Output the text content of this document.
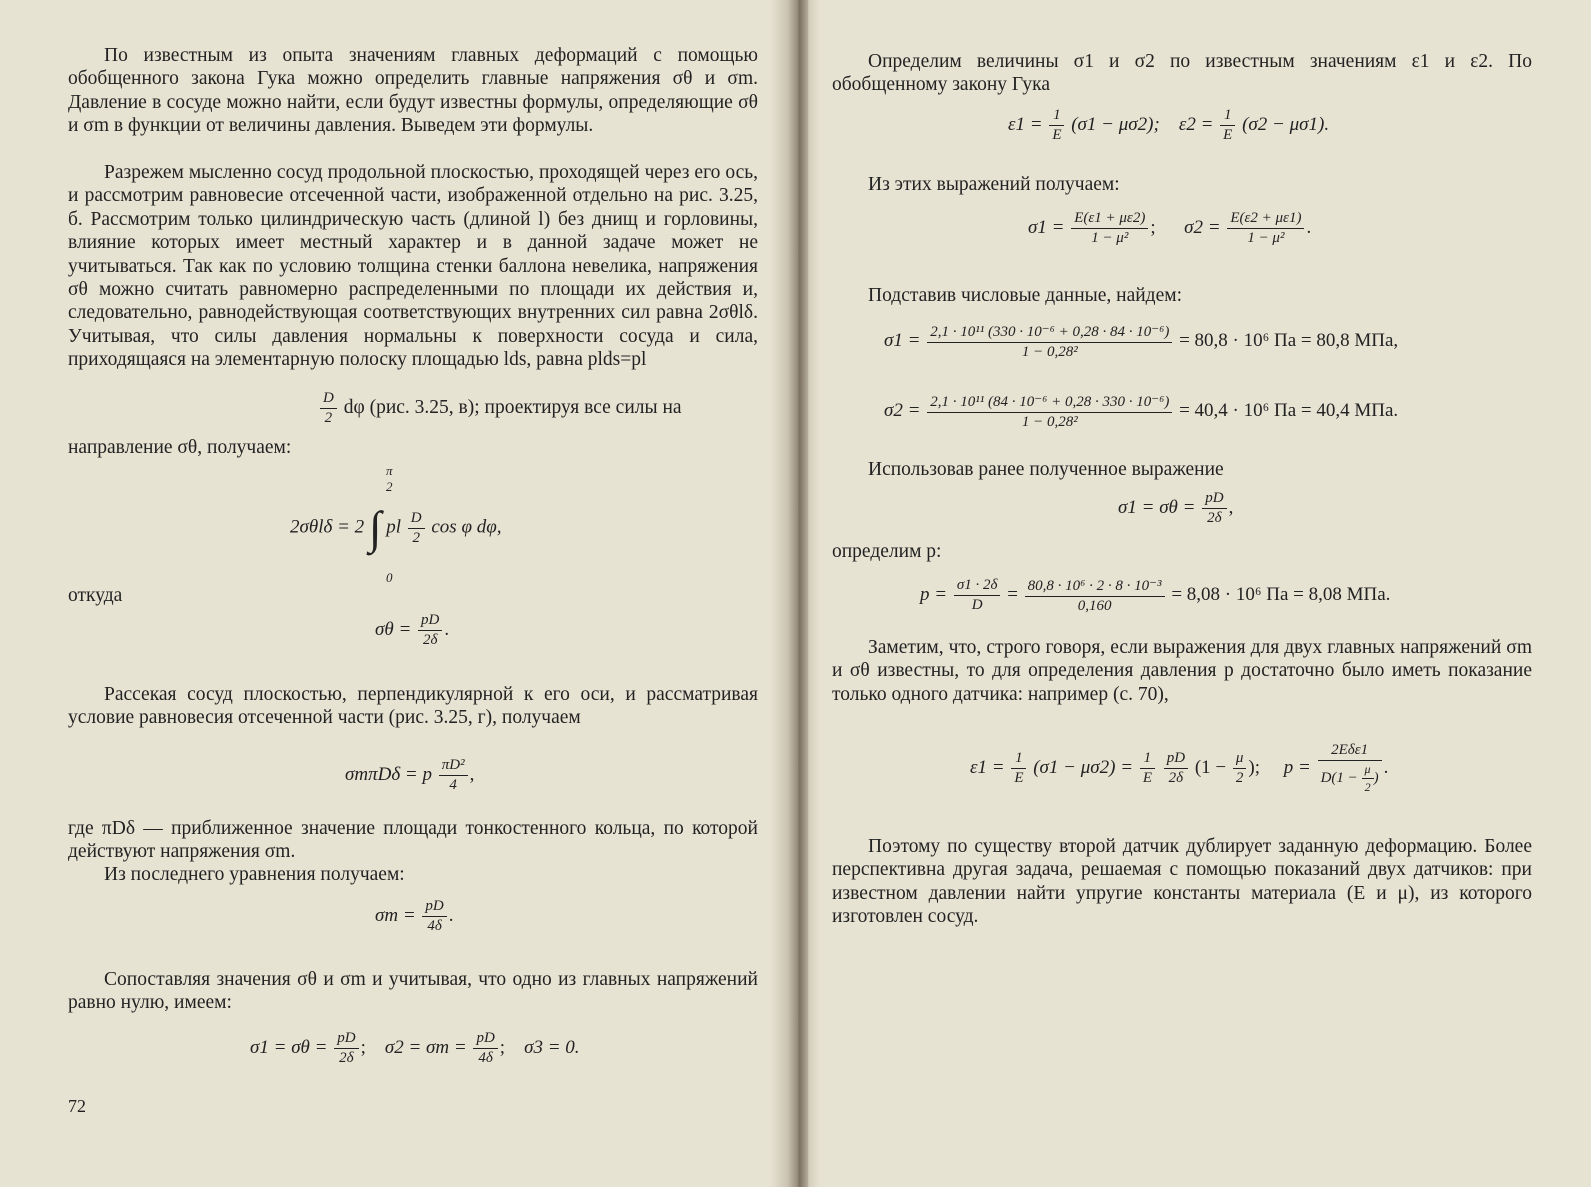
По известным из опыта значениям главных деформаций с помощью обобщенного закона Гука можно определить главные напряжения σθ и σm. Давление в сосуде можно найти, если будут известны формулы, определяющие σθ и σm в функции от величины давления. Выведем эти формулы.

Разрежем мысленно сосуд продольной плоскостью, проходящей через его ось, и рассмотрим равновесие отсеченной части, изображенной отдельно на рис. 3.25, б. Рассмотрим только цилиндрическую часть (длиной l) без днищ и горловины, влияние которых имеет местный характер и в данной задаче может не учитываться. Так как по условию толщина стенки баллона невелика, напряжения σθ можно считать равномерно распределенными по площади их действия и, следовательно, равнодействующая соответствующих внутренних сил равна 2σθlδ. Учитывая, что силы давления нормальны к поверхности сосуда и сила, приходящаяся на элементарную полоску площадью lds, равна plds=pl

$\frac{D}{2}$ dφ (рис. 3.25, в); проектируя все силы на

направление σθ, получаем:

2σθlδ = 2 ∫ pl $\frac{D}{2}$ cos φ dφ,
π
2
0

откуда

$\sigma\theta = \frac{pD}{2\delta}$ .

Рассекая сосуд плоскостью, перпендикулярной к его оси, и рассматривая условие равновесия отсеченной части (рис. 3.25, г), получаем

σmπDδ = p $\frac{\text{πD²}}{4}$ ,

где πDδ — приближенное значение площади тонкостенного кольца, по которой действуют напряжения σm.

Из последнего уравнения получаем:

$\sigma m = \frac{pD}{4\delta}$ .

Сопоставляя значения σθ и σm и учитывая, что одно из главных напряжений равно нулю, имеем:

$\sigma 1 = \sigma\theta = \frac{pD}{2\delta}$ ; $\sigma 2 = \sigma m = \frac{pD}{4\delta}$ ; σ3 = 0.
72

Определим величины σ1 и σ2 по известным значениям ε1 и ε2. По обобщенному закону Гука

$\varepsilon 1 = \frac{1}{E} (\sigma 1 - \mu\sigma 2)$; $\varepsilon 2 = \frac{1}{E} (\sigma 2 - \mu\sigma 1)$.

Из этих выражений получаем:

$\sigma 1 = \frac{E(\varepsilon 1 + \mu\varepsilon 2)}{\text{1 − μ²}}$ ; $\sigma 2 = \frac{E(\varepsilon 2 + \mu\varepsilon 1)}{\text{1 − μ²}}$ .

Подставив числовые данные, найдем:

$\sigma 1 = \frac{\text{2,1 · 10¹¹ (330 · 10⁻⁶ + 0,28 · 84 · 10⁻⁶)}}{\text{1 − 0,28²}} = 80,8 \cdot 10^6$ Па = 80,8 МПа,
$\sigma 2 = \frac{\text{2,1 · 10¹¹ (84 · 10⁻⁶ + 0,28 · 330 · 10⁻⁶)}}{\text{1 − 0,28²}} = 40,4 \cdot 10^6$ Па = 40,4 МПа.

Использовав ранее полученное выражение

$\sigma 1 = \sigma\theta = \frac{pD}{2\delta}$ ,

определим p:

$p = \frac{\sigma 1 \cdot 2\delta}{D} = \frac{\text{80,8 · 10⁶ · 2 · 8 · 10⁻³}}{0,160} = 8,08 \cdot 10^6$ Па = 8,08 МПа.

Заметим, что, строго говоря, если выражения для двух главных напряжений σm и σθ известны, то для определения давления p достаточно было иметь показание только одного датчика: например (с. 70),

$\varepsilon 1 = \frac{1}{E} (\sigma 1 - \mu\sigma 2) = \frac{1}{E}$
$\frac{pD}{2\delta} (1 - \frac{\mu}{2}$ ); $p = \frac{\text{2Eδε1}}{D(1 - \frac{\mu}{2} )}$ .

Поэтому по существу второй датчик дублирует заданную деформацию. Более перспективна другая задача, решаемая с помощью показаний двух датчиков: при известном давлении найти упругие константы материала (E и μ), из которого изготовлен сосуд.
